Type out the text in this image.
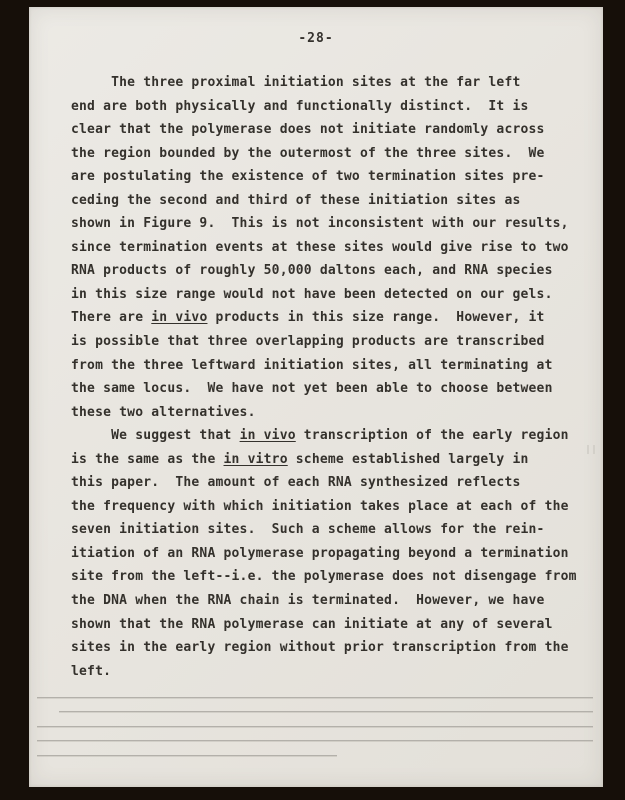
-28-
The three proximal initiation sites at the far left
end are both physically and functionally distinct.  It is
clear that the polymerase does not initiate randomly across
the region bounded by the outermost of the three sites.  We
are postulating the existence of two termination sites pre-
ceding the second and third of these initiation sites as
shown in Figure 9.  This is not inconsistent with our results,
since termination events at these sites would give rise to two
RNA products of roughly 50,000 daltons each, and RNA species
in this size range would not have been detected on our gels.
There are in vivo products in this size range.  However, it
is possible that three overlapping products are transcribed
from the three leftward initiation sites, all terminating at
the same locus.  We have not yet been able to choose between
these two alternatives.
We suggest that in vivo transcription of the early region
is the same as the in vitro scheme established largely in
this paper.  The amount of each RNA synthesized reflects
the frequency with which initiation takes place at each of the
seven initiation sites.  Such a scheme allows for the rein-
itiation of an RNA polymerase propagating beyond a termination
site from the left--i.e. the polymerase does not disengage from
the DNA when the RNA chain is terminated.  However, we have
shown that the RNA polymerase can initiate at any of several
sites in the early region without prior transcription from the
left.
